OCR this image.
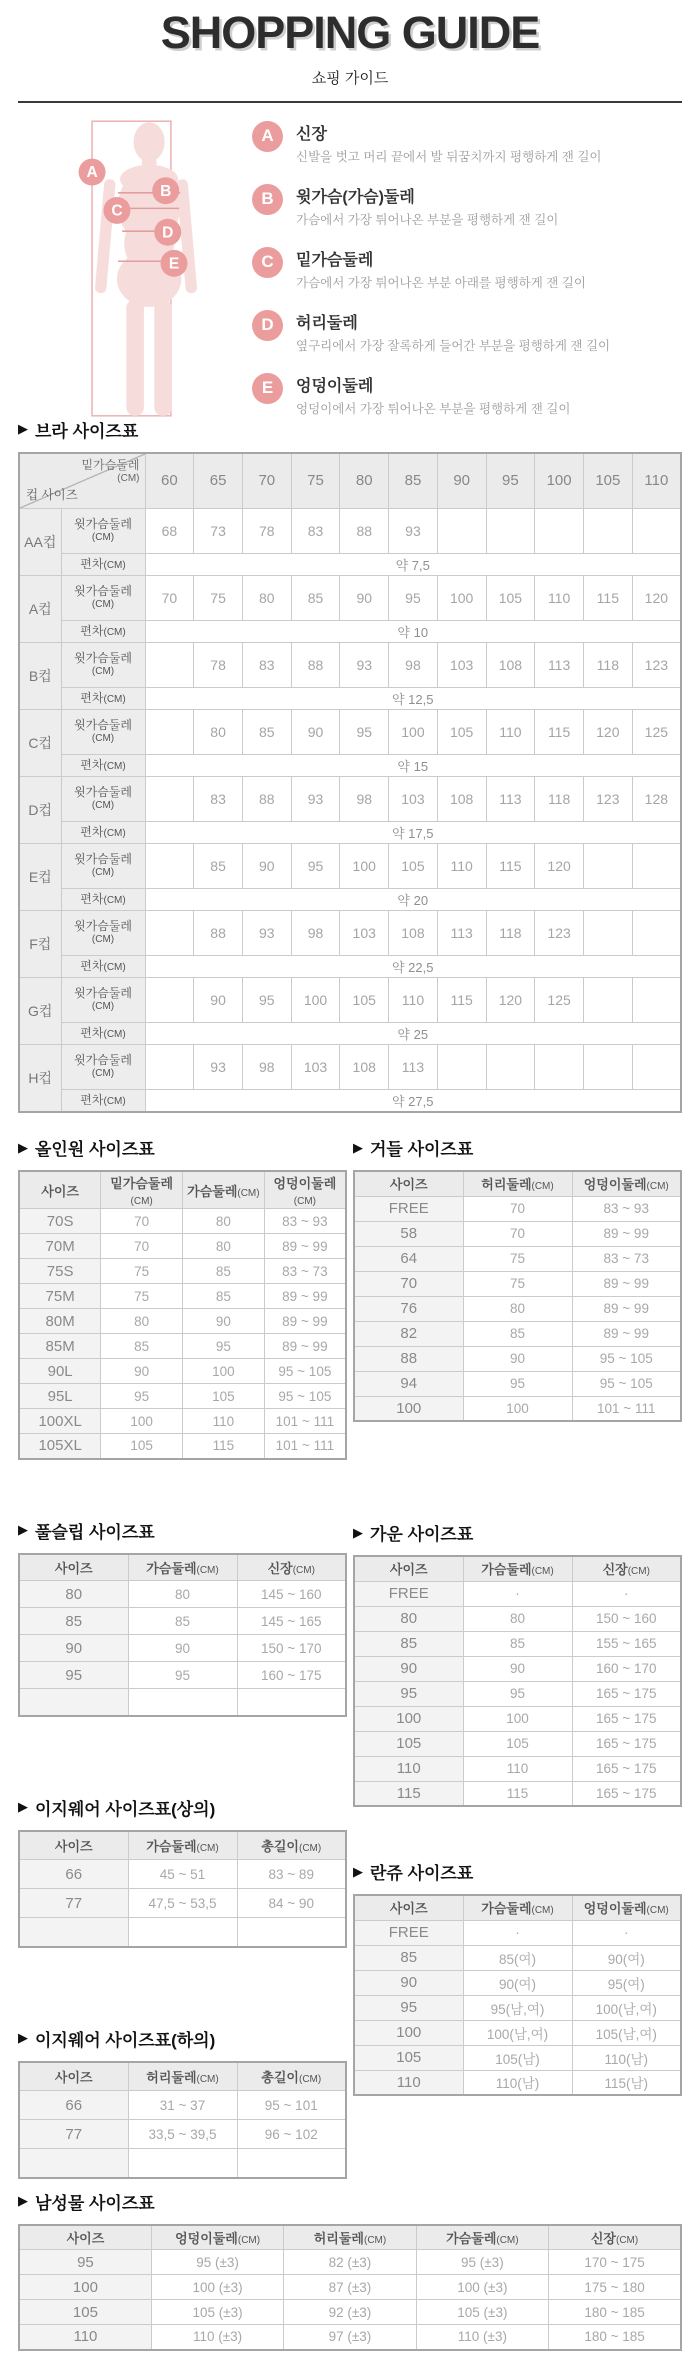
SHOPPING GUIDE
쇼핑 가이드
A
B
C
D
E
A	신장
신발을 벗고 머리 끝에서 발 뒤꿈치까지 평행하게 잰 길이
B	윗가슴(가슴)둘레
가슴에서 가장 튀어나온 부분을 평행하게 잰 길이
C	밑가슴둘레
가슴에서 가장 튀어나온 부분 아래를 평행하게 잰 길이
D	허리둘레
옆구리에서 가장 잘록하게 들어간 부분을 평행하게 잰 길이
E	엉덩이둘레
엉덩이에서 가장 튀어나온 부분을 평행하게 잰 길이
▶ 브라 사이즈표
밑가슴둘레
(CM)
컵 사이즈		60	65	70	75	80	85	90	95	100	105	110
AA컵	윗가슴둘레
(CM)	68	73	78	83	88	93					
	편차(CM)	약 7,5										
A컵	윗가슴둘레
(CM)	70	75	80	85	90	95	100	105	110	115	120
	편차(CM)	약 10										
B컵	윗가슴둘레
(CM)		78	83	88	93	98	103	108	113	118	123
	편차(CM)	약 12,5										
C컵	윗가슴둘레
(CM)		80	85	90	95	100	105	110	115	120	125
	편차(CM)	약 15										
D컵	윗가슴둘레
(CM)		83	88	93	98	103	108	113	118	123	128
	편차(CM)	약 17,5										
E컵	윗가슴둘레
(CM)		85	90	95	100	105	110	115	120		
	편차(CM)	약 20										
F컵	윗가슴둘레
(CM)		88	93	98	103	108	113	118	123		
	편차(CM)	약 22,5										
G컵	윗가슴둘레
(CM)		90	95	100	105	110	115	120	125		
	편차(CM)	약 25										
H컵	윗가슴둘레
(CM)		93	98	103	108	113					
	편차(CM)	약 27,5										
▶ 올인원 사이즈표
사이즈	밑가슴둘레(CM)	가슴둘레(CM)	엉덩이둘레(CM)
70S	70	80	83 ~ 93
70M	70	80	89 ~ 99
75S	75	85	83 ~ 73
75M	75	85	89 ~ 99
80M	80	90	89 ~ 99
85M	85	95	89 ~ 99
90L	90	100	95 ~ 105
95L	95	105	95 ~ 105
100XL	100	110	101 ~ 111
105XL	105	115	101 ~ 111
▶ 풀슬립 사이즈표
사이즈	가슴둘레(CM)	신장(CM)
80	80	145 ~ 160
85	85	145 ~ 165
90	90	150 ~ 170
95	95	160 ~ 175

▶ 이지웨어 사이즈표(상의)
사이즈	가슴둘레(CM)	총길이(CM)
66	45 ~ 51	83 ~ 89
77	47,5 ~ 53,5	84 ~ 90

▶ 이지웨어 사이즈표(하의)
사이즈	허리둘레(CM)	총길이(CM)
66	31 ~ 37	95 ~ 101
77	33,5 ~ 39,5	96 ~ 102

▶ 거들 사이즈표
사이즈	허리둘레(CM)	엉덩이둘레(CM)
FREE	70	83 ~ 93
58	70	89 ~ 99
64	75	83 ~ 73
70	75	89 ~ 99
76	80	89 ~ 99
82	85	89 ~ 99
88	90	95 ~ 105
94	95	95 ~ 105
100	100	101 ~ 111
▶ 가운 사이즈표
사이즈	가슴둘레(CM)	신장(CM)
FREE	·	·
80	80	150 ~ 160
85	85	155 ~ 165
90	90	160 ~ 170
95	95	165 ~ 175
100	100	165 ~ 175
105	105	165 ~ 175
110	110	165 ~ 175
115	115	165 ~ 175
▶ 란쥬 사이즈표
사이즈	가슴둘레(CM)	엉덩이둘레(CM)
FREE	·	·
85	85(여)	90(여)
90	90(여)	95(여)
95	95(남,여)	100(남,여)
100	100(남,여)	105(남,여)
105	105(남)	110(남)
110	110(남)	115(남)
▶ 남성물 사이즈표
사이즈	엉덩이둘레(CM)	허리둘레(CM)	가슴둘레(CM)	신장(CM)
95	95 (±3)	82 (±3)	95 (±3)	170 ~ 175
100	100 (±3)	87 (±3)	100 (±3)	175 ~ 180
105	105 (±3)	92 (±3)	105 (±3)	180 ~ 185
110	110 (±3)	97 (±3)	110 (±3)	180 ~ 185
